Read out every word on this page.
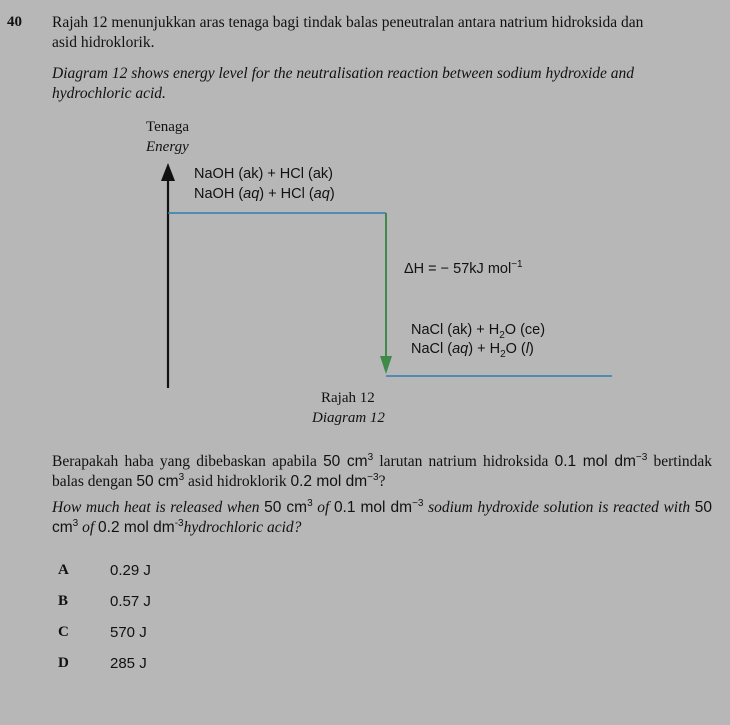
40 Rajah 12 menunjukkan aras tenaga bagi tindak balas peneutralan antara natrium hidroksida dan
asid hidroklorik.
Diagram 12 shows energy level for the neutralisation reaction between sodium hydroxide and hydrochloric acid.
Tenaga
Energy
NaOH (ak) + HCl (ak)
NaOH (aq) + HCl (aq)
ΔH = − 57kJ mol$^{-1}$
NaCl $(ak) + H_2O$ (ce)
NaCl $(aq) + H_2O$ (l)
Rajah 12
Diagram 12
Berapakah haba yang dibebaskan apabila 50 $cm^3$ larutan natrium hidroksida 0.1 mol $dm^{-3}$ bertindak balas dengan 50 $cm^3$ asid hidroklorik 0.2 mol $dm^{-3}$?
How much heat is released when 50 $cm^3$ of 0.1 mol $dm^{-3}$ sodium hydroxide solution is reacted with 50 $cm^3$ of 0.2 mol $dm^{-3}hydrochloric$ acid?
A	0.29 J
B	0.57 J
C	570 J
D	285 J
